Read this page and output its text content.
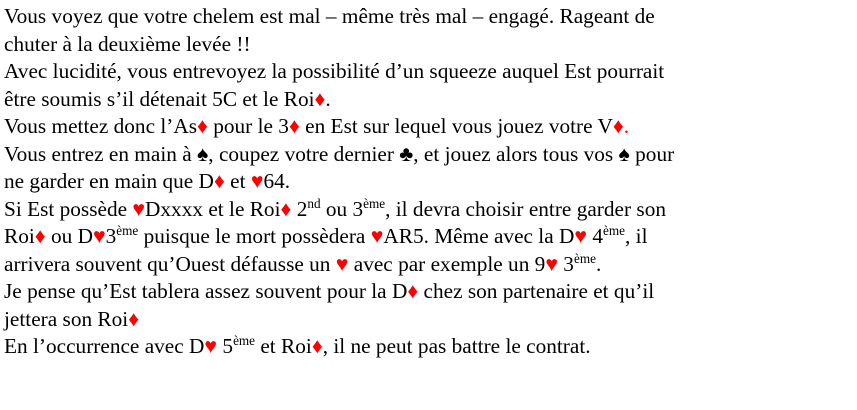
Vous voyez que votre chelem est mal – même très mal – engagé. Rageant de
chuter à la deuxième levée !!

Avec lucidité, vous entrevoyez la possibilité d’un squeeze auquel Est pourrait
être soumis s’il détenait 5C et le Roi♦.

Vous mettez donc l’As♦ pour le 3♦ en Est sur lequel vous jouez votre V♦.

Vous entrez en main à ♠, coupez votre dernier ♣, et jouez alors tous vos ♠ pour
ne garder en main que D♦ et ♥64.

Si Est possède ♥Dxxxx et le Roi♦ 2nd ou 3ème, il devra choisir entre garder son
Roi♦ ou D♥3ème puisque le mort possèdera ♥AR5. Même avec la D♥ 4ème, il
arrivera souvent qu’Ouest défausse un ♥ avec par exemple un 9♥ 3ème.

Je pense qu’Est tablera assez souvent pour la D♦ chez son partenaire et qu’il
jettera son Roi♦

En l’occurrence avec D♥ 5ème et Roi♦, il ne peut pas battre le contrat.
